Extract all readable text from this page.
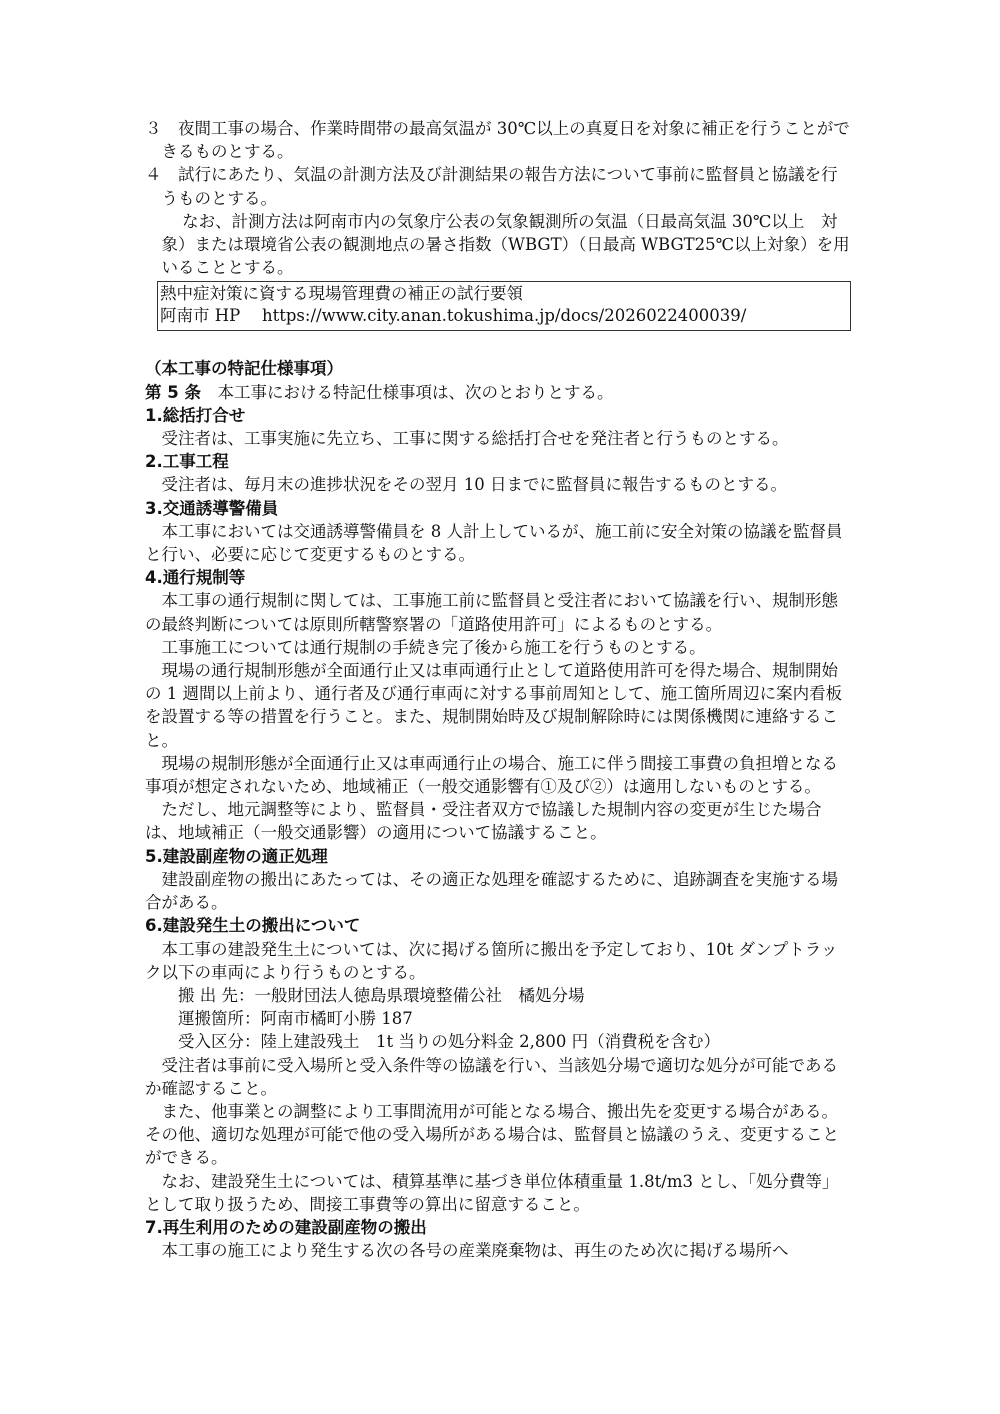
３　夜間工事の場合、作業時間帯の最高気温が 30℃以上の真夏日を対象に補正を行うことができるものとする。
４　試行にあたり、気温の計測方法及び計測結果の報告方法について事前に監督員と協議を行うものとする。
なお、計測方法は阿南市内の気象庁公表の気象観測所の気温（日最高気温 30℃以上　対象）または環境省公表の観測地点の暑さ指数（WBGT）（日最高 WBGT25℃以上対象）を用いることとする。
熱中症対策に資する現場管理費の補正の試行要領
阿南市 HP　 https://www.city.anan.tokushima.jp/docs/2026022400039/
（本工事の特記仕様事項）
第 5 条　本工事における特記仕様事項は、次のとおりとする。
1.総括打合せ
受注者は、工事実施に先立ち、工事に関する総括打合せを発注者と行うものとする。
2.工事工程
受注者は、毎月末の進捗状況をその翌月 10 日までに監督員に報告するものとする。
3.交通誘導警備員
本工事においては交通誘導警備員を 8 人計上しているが、施工前に安全対策の協議を監督員と行い、必要に応じて変更するものとする。
4.通行規制等
本工事の通行規制に関しては、工事施工前に監督員と受注者において協議を行い、規制形態の最終判断については原則所轄警察署の「道路使用許可」によるものとする。
工事施工については通行規制の手続き完了後から施工を行うものとする。
現場の通行規制形態が全面通行止又は車両通行止として道路使用許可を得た場合、規制開始の 1 週間以上前より、通行者及び通行車両に対する事前周知として、施工箇所周辺に案内看板を設置する等の措置を行うこと。また、規制開始時及び規制解除時には関係機関に連絡すること。
現場の規制形態が全面通行止又は車両通行止の場合、施工に伴う間接工事費の負担増となる事項が想定されないため、地域補正（一般交通影響有①及び②）は適用しないものとする。
ただし、地元調整等により、監督員・受注者双方で協議した規制内容の変更が生じた場合は、地域補正（一般交通影響）の適用について協議すること。
5.建設副産物の適正処理
建設副産物の搬出にあたっては、その適正な処理を確認するために、追跡調査を実施する場合がある。
6.建設発生土の搬出について
本工事の建設発生土については、次に掲げる箇所に搬出を予定しており、10t ダンプトラック以下の車両により行うものとする。
搬 出 先：一般財団法人徳島県環境整備公社　橘処分場
運搬箇所：阿南市橘町小勝 187
受入区分：陸上建設残土　1t 当りの処分料金 2,800 円（消費税を含む）
受注者は事前に受入場所と受入条件等の協議を行い、当該処分場で適切な処分が可能であるか確認すること。
また、他事業との調整により工事間流用が可能となる場合、搬出先を変更する場合がある。その他、適切な処理が可能で他の受入場所がある場合は、監督員と協議のうえ、変更することができる。
なお、建設発生土については、積算基準に基づき単位体積重量 1.8t/m3 とし、「処分費等」として取り扱うため、間接工事費等の算出に留意すること。
7.再生利用のための建設副産物の搬出
本工事の施工により発生する次の各号の産業廃棄物は、再生のため次に掲げる場所へ
